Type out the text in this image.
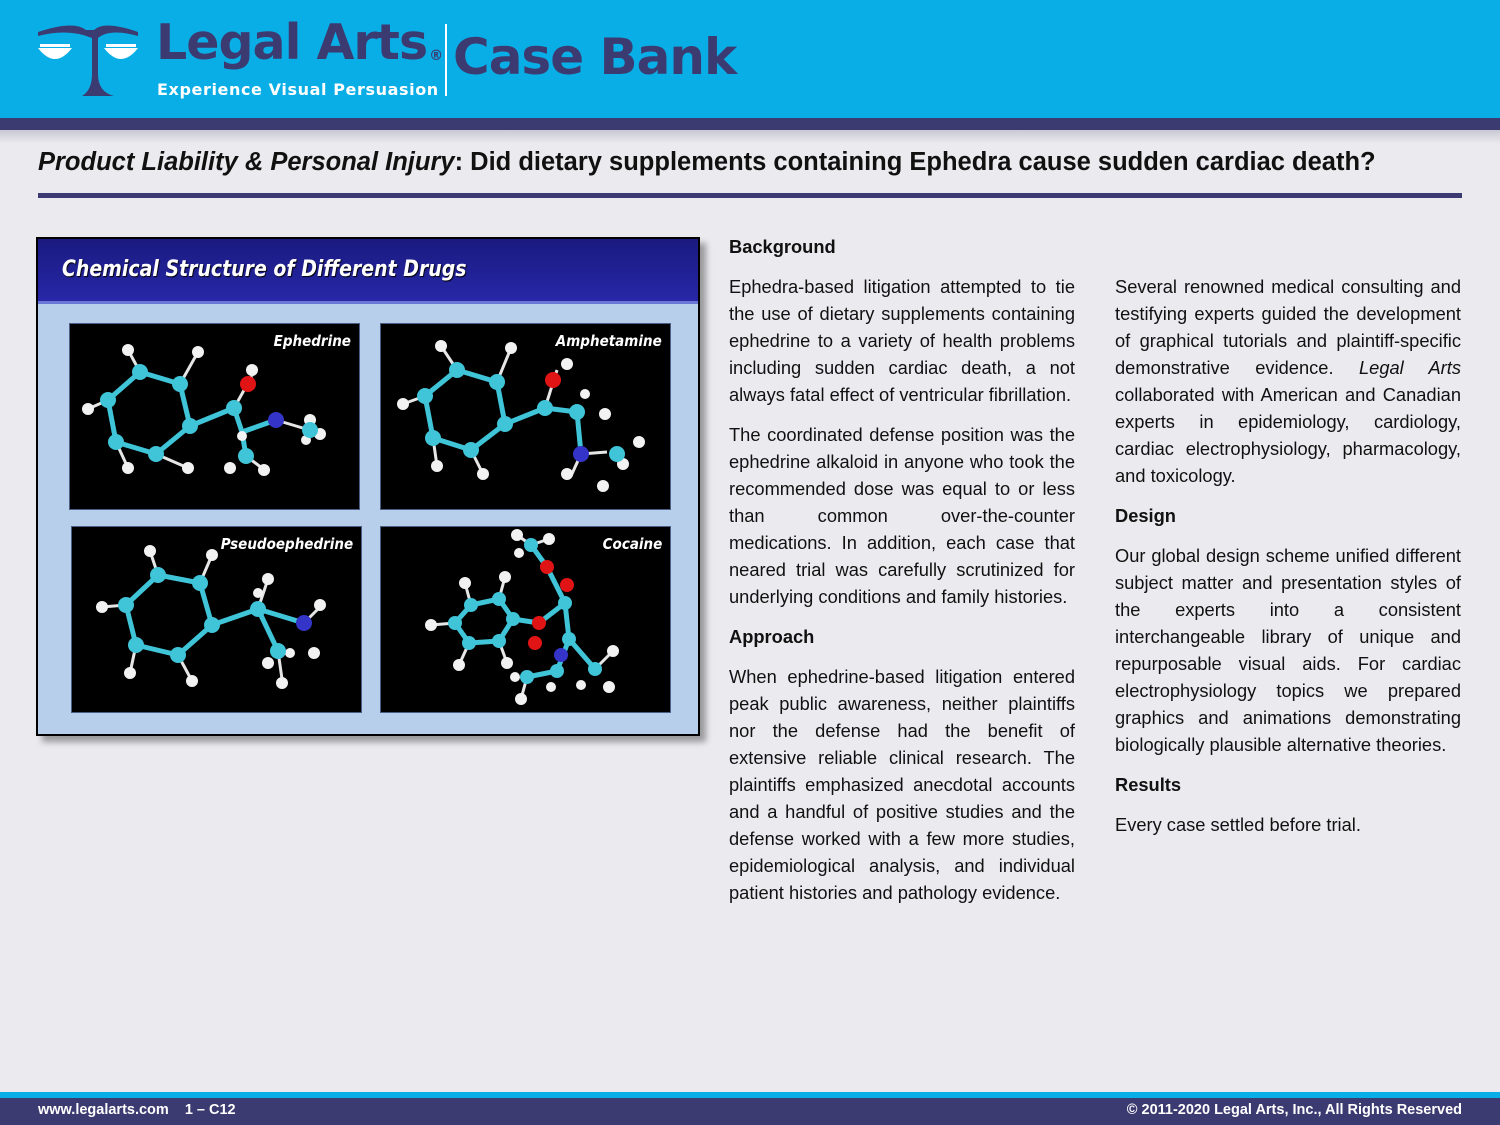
Legal Arts ®
Experience Visual Persuasion
Case Bank
Product Liability & Personal Injury: Did dietary supplements containing Ephedra cause sudden cardiac death?
Chemical Structure of Different Drugs
Ephedrine	Amphetamine
Pseudoephedrine	Cocaine
Background

Ephedra-based litigation attempted to tie the use of dietary supplements containing ephedrine to a variety of health problems including sudden cardiac death, a not always fatal effect of ventricular fibrillation.

The coordinated defense position was the ephedrine alkaloid in anyone who took the recommended dose was equal to or less than common over-the-counter medications. In addition, each case that neared trial was carefully scrutinized for underlying conditions and family histories.

Approach

When ephedrine-based litigation entered peak public awareness, neither plaintiffs nor the defense had the benefit of extensive reliable clinical research. The plaintiffs emphasized anecdotal accounts and a handful of positive studies and the defense worked with a few more studies, epidemiological analysis, and individual patient histories and pathology evidence.

Several renowned medical consulting and testifying experts guided the development of graphical tutorials and plaintiff-specific demonstrative evidence. Legal Arts collaborated with American and Canadian experts in epidemiology, cardiology, cardiac electrophysiology, pharmacology, and toxicology.

Design

Our global design scheme unified different subject matter and presentation styles of the experts into a consistent interchangeable library of unique and repurposable visual aids. For cardiac electrophysiology topics we prepared graphics and animations demonstrating biologically plausible alternative theories.

Results

Every case settled before trial.

www.legalarts.com 1 – C12	© 2011-2020 Legal Arts, Inc., All Rights Reserved
